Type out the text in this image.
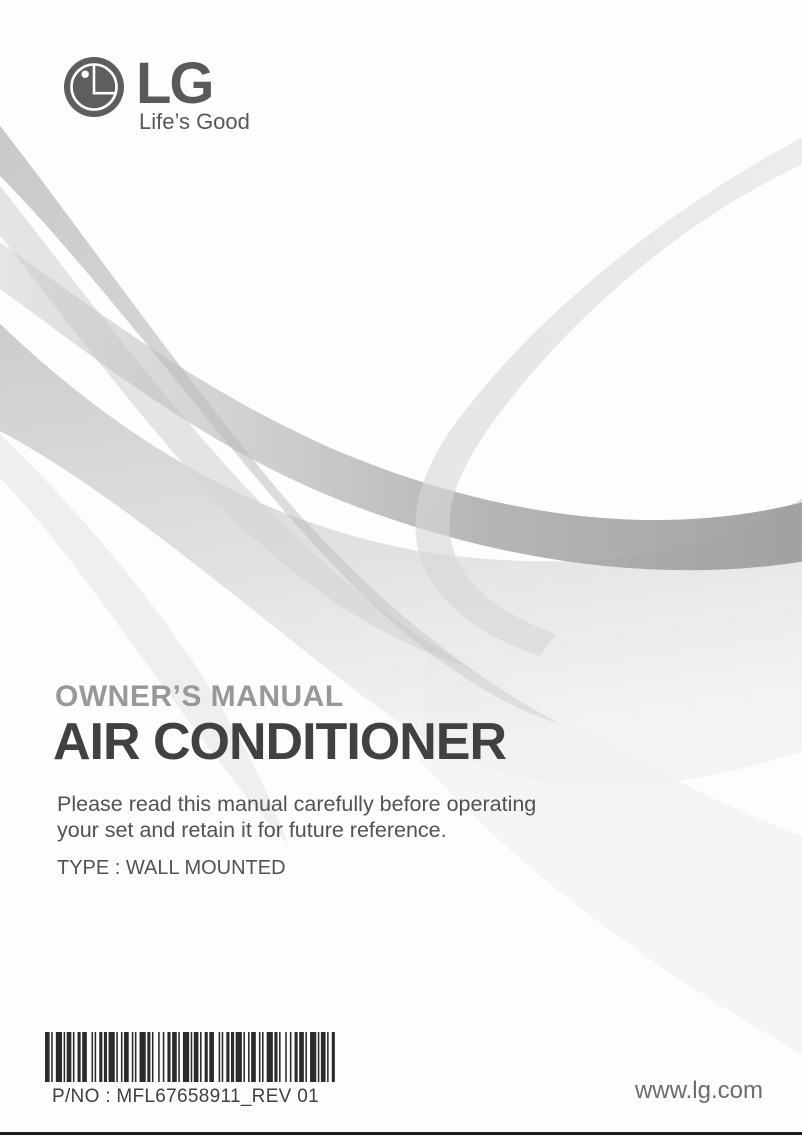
LG
Life’s Good
OWNER’S MANUAL
AIR CONDITIONER
Please read this manual carefully before operating
your set and retain it for future reference.
TYPE : WALL MOUNTED
P/NO : MFL67658911_REV 01	www.lg.com
